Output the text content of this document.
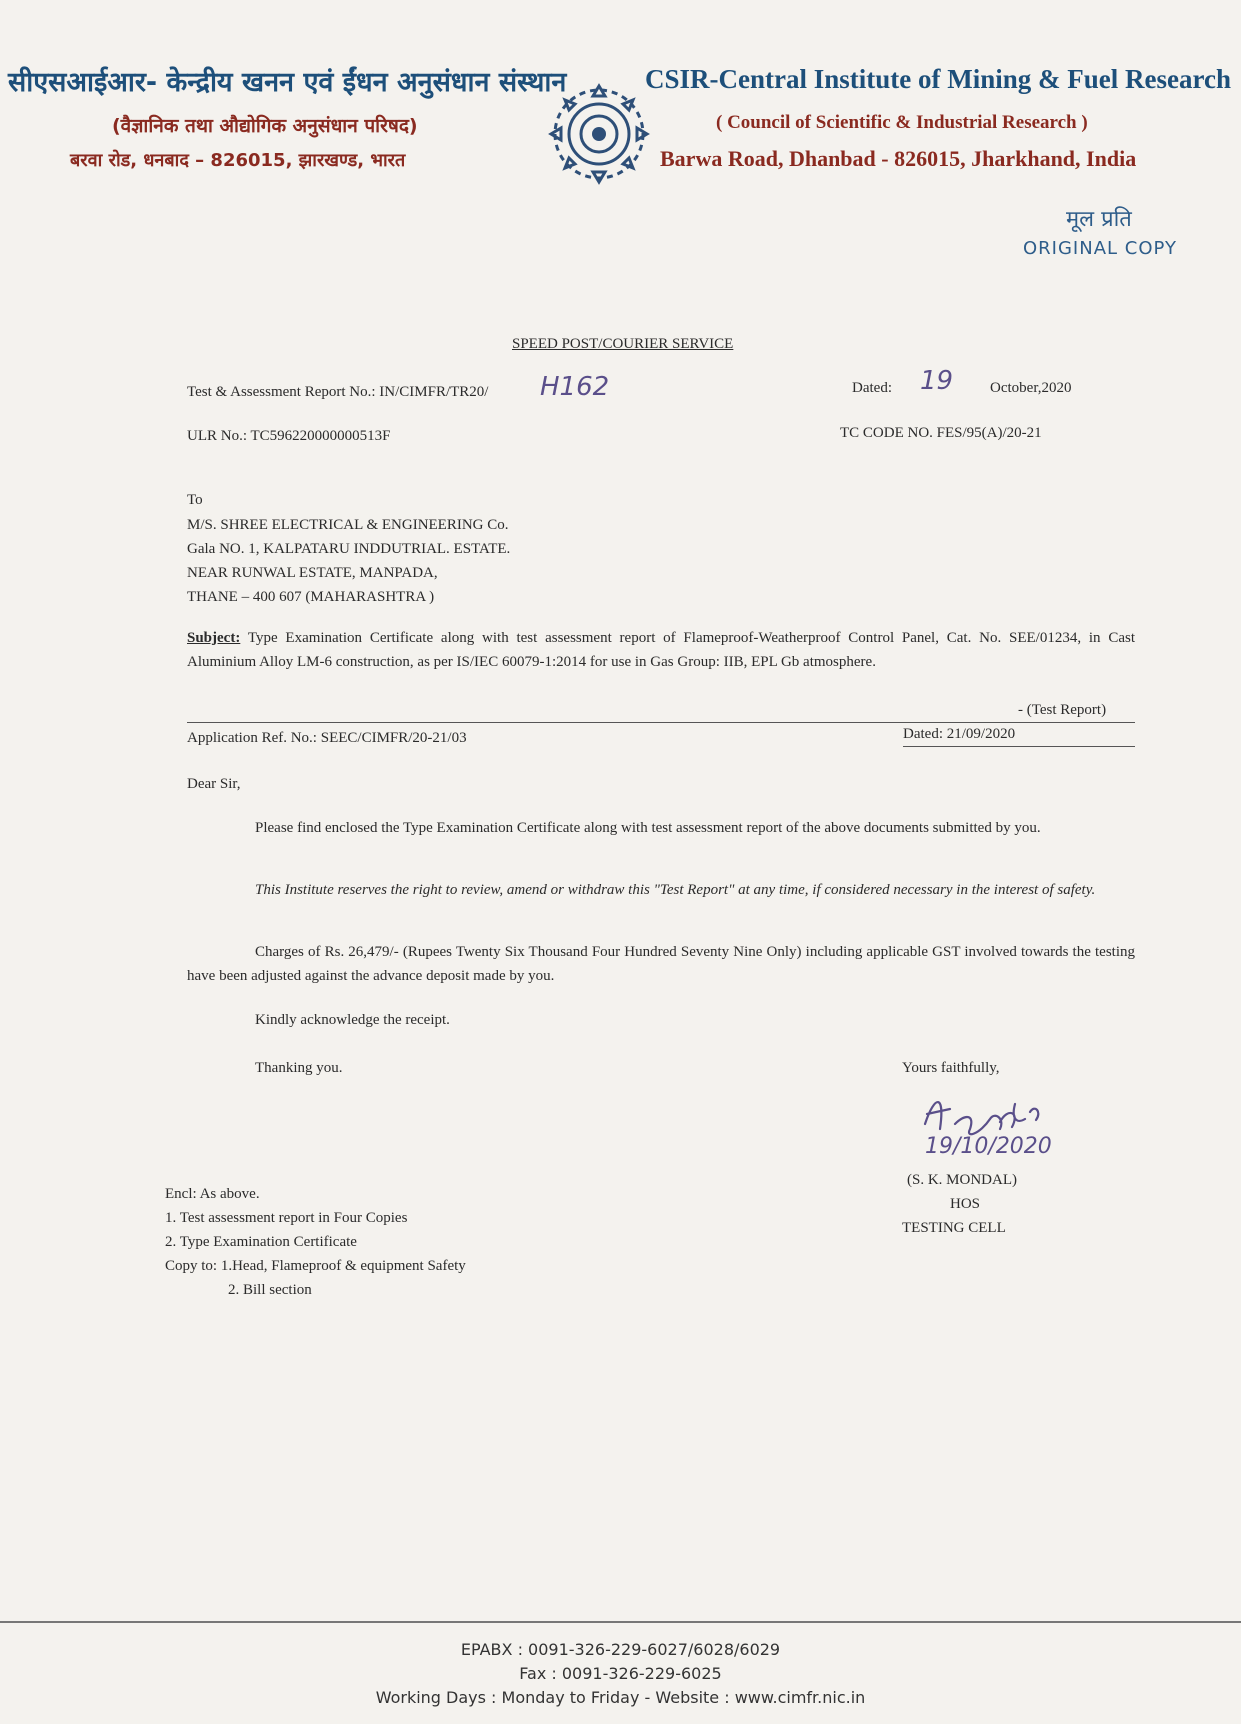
सीएसआईआर- केन्द्रीय खनन एवं ईंधन अनुसंधान संस्थान
(वैज्ञानिक तथा औद्योगिक अनुसंधान परिषद)
बरवा रोड, धनबाद – 826015, झारखण्ड, भारत
CSIR-Central Institute of Mining & Fuel Research
( Council of Scientific & Industrial Research )
Barwa Road, Dhanbad - 826015, Jharkhand, India
मूल प्रति
ORIGINAL COPY
SPEED POST/COURIER SERVICE
Test & Assessment Report No.: IN/CIMFR/TR20/ H162	Dated: 19 October,2020
ULR No.: TC596220000000513F	TC CODE NO. FES/95(A)/20-21
To
M/S. SHREE ELECTRICAL & ENGINEERING Co.
Gala NO. 1, KALPATARU INDDUTRIAL. ESTATE.
NEAR RUNWAL ESTATE, MANPADA,
THANE – 400 607 (MAHARASHTRA )
Subject: Type Examination Certificate along with test assessment report of Flameproof-Weatherproof Control Panel, Cat. No. SEE/01234, in Cast Aluminium Alloy LM-6 construction, as per IS/IEC 60079-1:2014 for use in Gas Group: IIB, EPL Gb atmosphere.
- (Test Report)
Application Ref. No.: SEEC/CIMFR/20-21/03	Dated: 21/09/2020
Dear Sir,
Please find enclosed the Type Examination Certificate along with test assessment report of the above documents submitted by you.
This Institute reserves the right to review, amend or withdraw this "Test Report" at any time, if considered necessary in the interest of safety.
Charges of Rs. 26,479/- (Rupees Twenty Six Thousand Four Hundred Seventy Nine Only) including applicable GST involved towards the testing have been adjusted against the advance deposit made by you.
Kindly acknowledge the receipt.
Thanking you.	Yours faithfully,
19/10/2020
(S. K. MONDAL)
HOS
TESTING CELL
Encl: As above.
1. Test assessment report in Four Copies
2. Type Examination Certificate
Copy to: 1.Head, Flameproof & equipment Safety
2. Bill section
EPABX : 0091-326-229-6027/6028/6029
Fax : 0091-326-229-6025
Working Days : Monday to Friday - Website : www.cimfr.nic.in
